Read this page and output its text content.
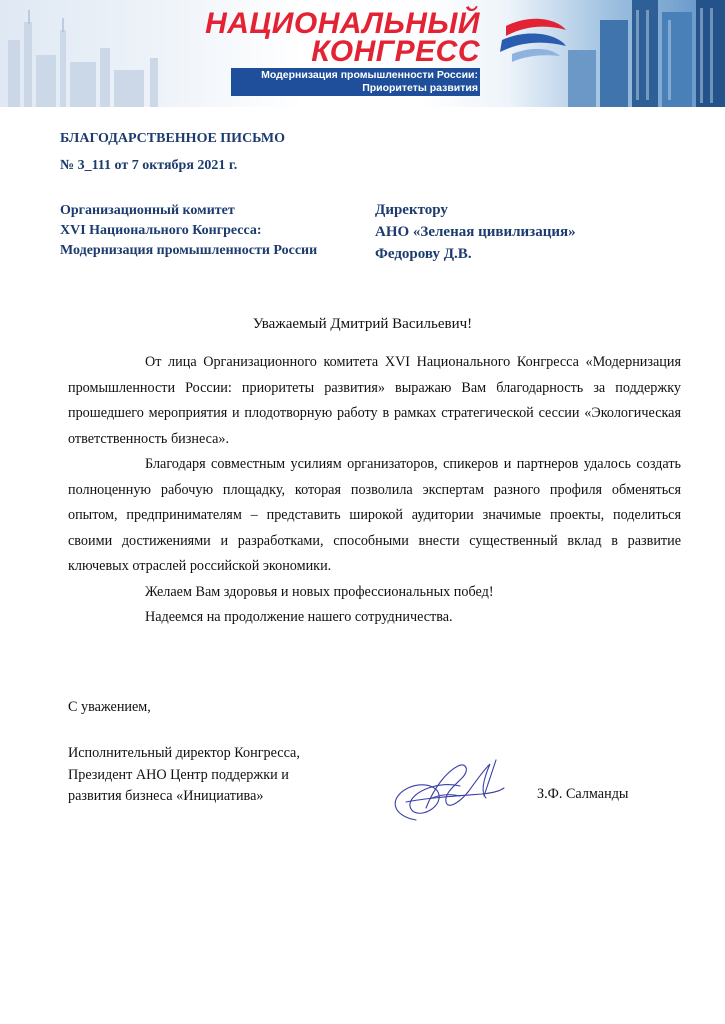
НАЦИОНАЛЬНЫЙ
КОНГРЕСС
Модернизация промышленности России:
Приоритеты развития
БЛАГОДАРСТВЕННОЕ ПИСЬМО
№ 3_111 от 7 октября 2021 г.
Организационный комитет
XVI Национального Конгресса:
Модернизация промышленности России
Директору
АНО «Зеленая цивилизация»
Федорову Д.В.
Уважаемый Дмитрий Васильевич!

От лица Организационного комитета XVI Национального Конгресса «Модернизация промышленности России: приоритеты развития» выражаю Вам благодарность за поддержку прошедшего мероприятия и плодотворную работу в рамках стратегической сессии «Экологическая ответственность бизнеса».

Благодаря совместным усилиям организаторов, спикеров и партнеров удалось создать полноценную рабочую площадку, которая позволила экспертам разного профиля обменяться опытом, предпринимателям – представить широкой аудитории значимые проекты, поделиться своими достижениями и разработками, способными внести существенный вклад в развитие ключевых отраслей российской экономики.

Желаем Вам здоровья и новых профессиональных побед!

Надеемся на продолжение нашего сотрудничества.

С уважением,
Исполнительный директор Конгресса,
Президент АНО Центр поддержки и
развития бизнеса «Инициатива»	З.Ф. Салманды
